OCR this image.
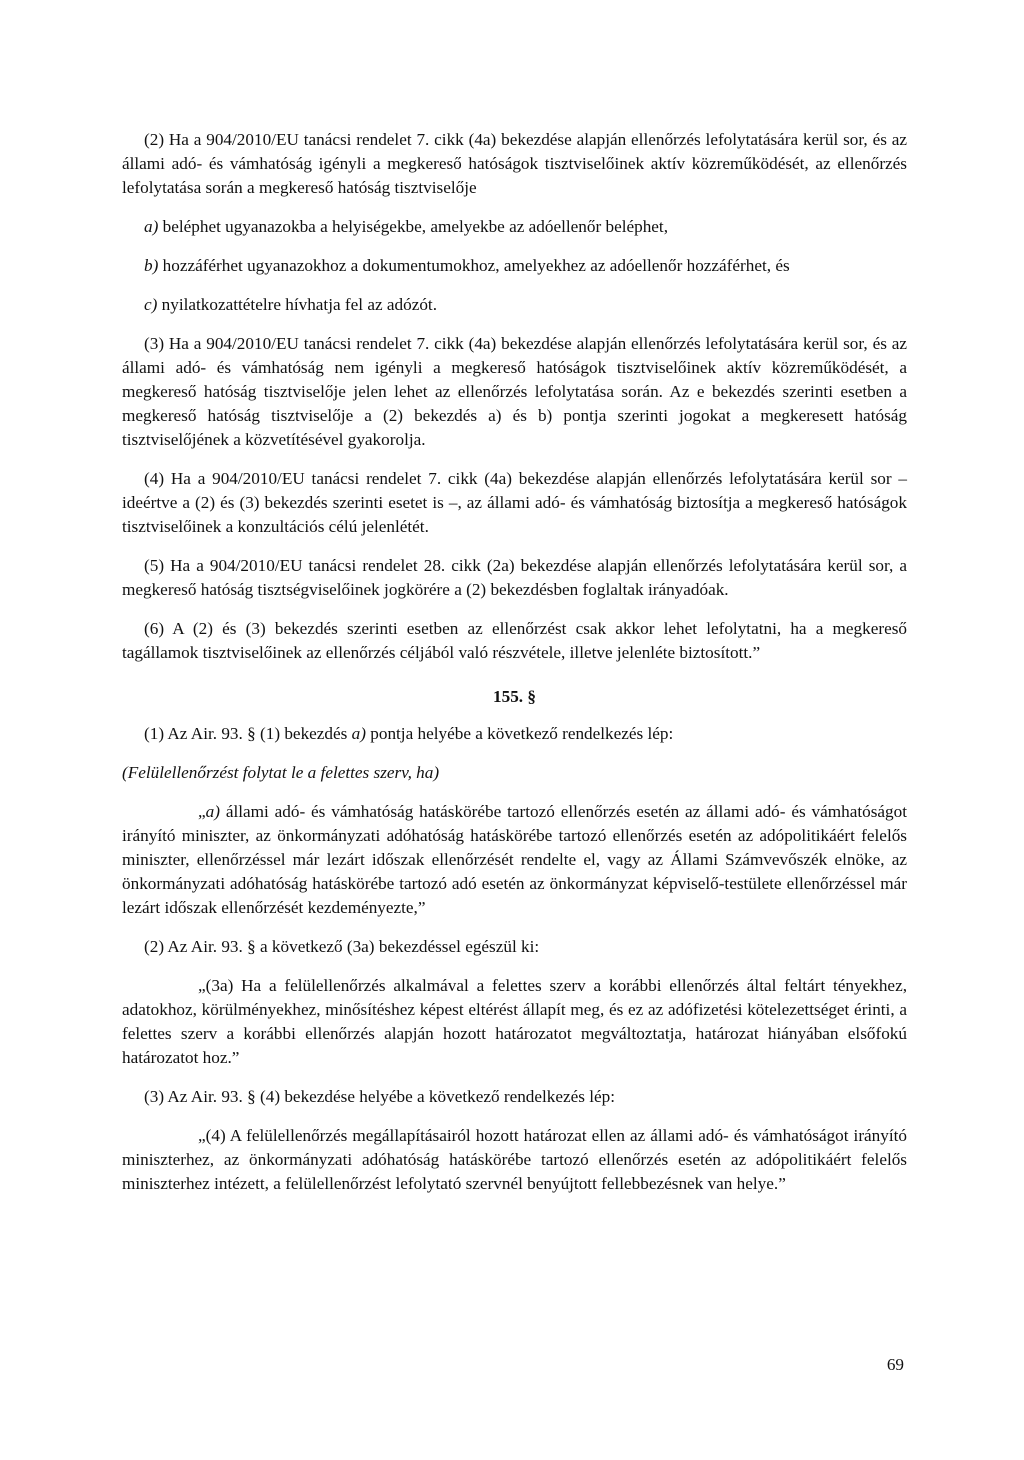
(2) Ha a 904/2010/EU tanácsi rendelet 7. cikk (4a) bekezdése alapján ellenőrzés lefolytatására kerül sor, és az állami adó- és vámhatóság igényli a megkereső hatóságok tisztviselőinek aktív közreműködését, az ellenőrzés lefolytatása során a megkereső hatóság tisztviselője

a) beléphet ugyanazokba a helyiségekbe, amelyekbe az adóellenőr beléphet,

b) hozzáférhet ugyanazokhoz a dokumentumokhoz, amelyekhez az adóellenőr hozzáférhet, és

c) nyilatkozattételre hívhatja fel az adózót.

(3) Ha a 904/2010/EU tanácsi rendelet 7. cikk (4a) bekezdése alapján ellenőrzés lefolytatására kerül sor, és az állami adó- és vámhatóság nem igényli a megkereső hatóságok tisztviselőinek aktív közreműködését, a megkereső hatóság tisztviselője jelen lehet az ellenőrzés lefolytatása során. Az e bekezdés szerinti esetben a megkereső hatóság tisztviselője a (2) bekezdés a) és b) pontja szerinti jogokat a megkeresett hatóság tisztviselőjének a közvetítésével gyakorolja.

(4) Ha a 904/2010/EU tanácsi rendelet 7. cikk (4a) bekezdése alapján ellenőrzés lefolytatására kerül sor – ideértve a (2) és (3) bekezdés szerinti esetet is –, az állami adó- és vámhatóság biztosítja a megkereső hatóságok tisztviselőinek a konzultációs célú jelenlétét.

(5) Ha a 904/2010/EU tanácsi rendelet 28. cikk (2a) bekezdése alapján ellenőrzés lefolytatására kerül sor, a megkereső hatóság tisztségviselőinek jogkörére a (2) bekezdésben foglaltak irányadóak.

(6) A (2) és (3) bekezdés szerinti esetben az ellenőrzést csak akkor lehet lefolytatni, ha a megkereső tagállamok tisztviselőinek az ellenőrzés céljából való részvétele, illetve jelenléte biztosított.”

155. §

(1) Az Air. 93. § (1) bekezdés a) pontja helyébe a következő rendelkezés lép:

(Felülellenőrzést folytat le a felettes szerv, ha)

„a) állami adó- és vámhatóság hatáskörébe tartozó ellenőrzés esetén az állami adó- és vámhatóságot irányító miniszter, az önkormányzati adóhatóság hatáskörébe tartozó ellenőrzés esetén az adópolitikáért felelős miniszter, ellenőrzéssel már lezárt időszak ellenőrzését rendelte el, vagy az Állami Számvevőszék elnöke, az önkormányzati adóhatóság hatáskörébe tartozó adó esetén az önkormányzat képviselő-testülete ellenőrzéssel már lezárt időszak ellenőrzését kezdeményezte,”

(2) Az Air. 93. § a következő (3a) bekezdéssel egészül ki:

„(3a) Ha a felülellenőrzés alkalmával a felettes szerv a korábbi ellenőrzés által feltárt tényekhez, adatokhoz, körülményekhez, minősítéshez képest eltérést állapít meg, és ez az adófizetési kötelezettséget érinti, a felettes szerv a korábbi ellenőrzés alapján hozott határozatot megváltoztatja, határozat hiányában elsőfokú határozatot hoz.”

(3) Az Air. 93. § (4) bekezdése helyébe a következő rendelkezés lép:

„(4) A felülellenőrzés megállapításairól hozott határozat ellen az állami adó- és vámhatóságot irányító miniszterhez, az önkormányzati adóhatóság hatáskörébe tartozó ellenőrzés esetén az adópolitikáért felelős miniszterhez intézett, a felülellenőrzést lefolytató szervnél benyújtott fellebbezésnek van helye.”

69
